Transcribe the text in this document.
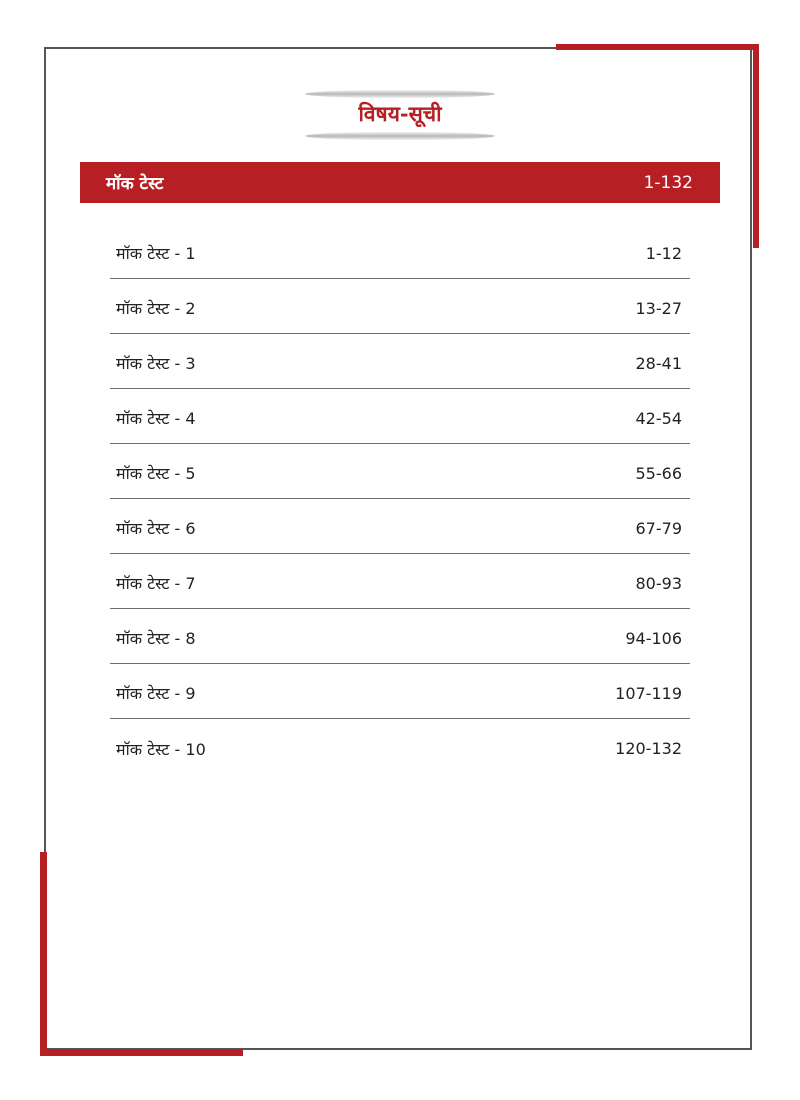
विषय-सूची
मॉक टेस्ट	1-132
मॉक टेस्ट - 1	1-12
मॉक टेस्ट - 2	13-27
मॉक टेस्ट - 3	28-41
मॉक टेस्ट - 4	42-54
मॉक टेस्ट - 5	55-66
मॉक टेस्ट - 6	67-79
मॉक टेस्ट - 7	80-93
मॉक टेस्ट - 8	94-106
मॉक टेस्ट - 9	107-119
मॉक टेस्ट - 10	120-132
